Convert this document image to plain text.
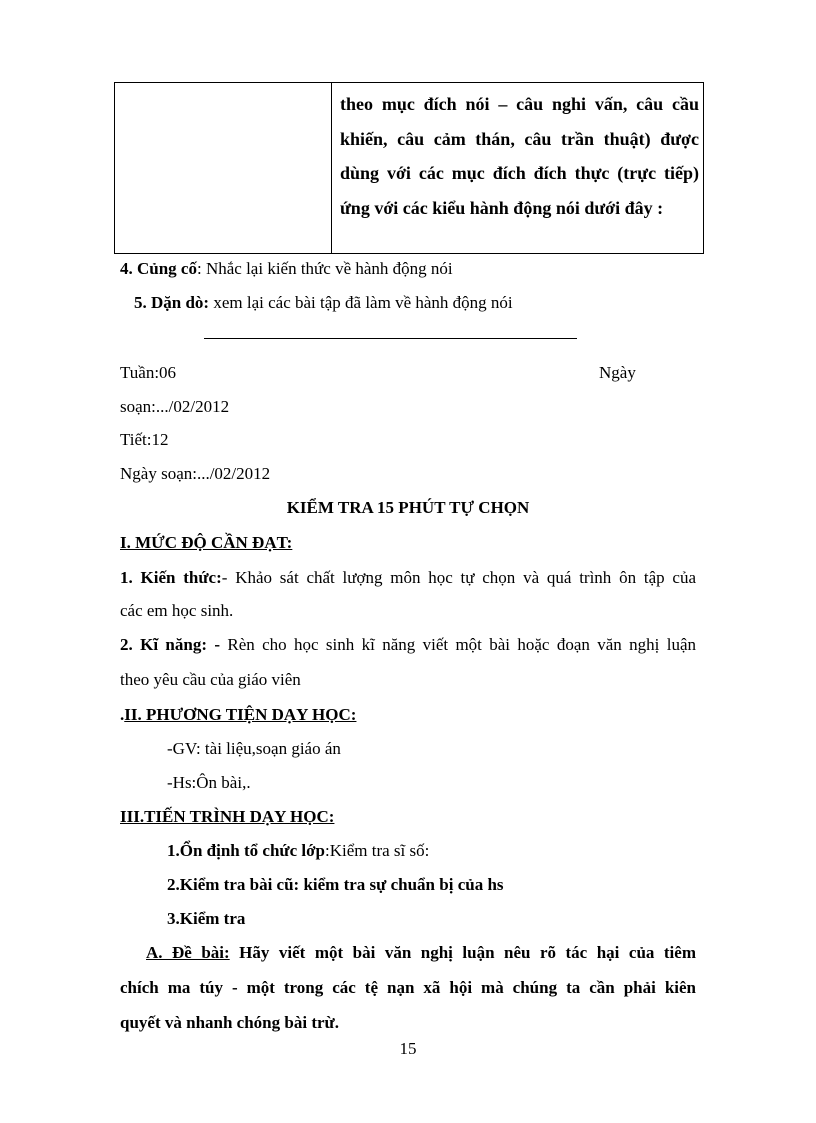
theo mục đích nói – câu nghi vấn, câu cầu
khiến, câu cảm thán, câu trần thuật) được
dùng với các mục đích đích thực (trực tiếp)
ứng với các kiểu hành động nói dưới đây :
4. Củng cố: Nhắc lại kiến thức về hành động nói
5. Dặn dò: xem lại các bài tập đã làm về hành động nói
Tuần:06	Ngày
soạn:.../02/2012
Tiết:12
Ngày soạn:.../02/2012
KIỂM TRA 15 PHÚT TỰ CHỌN
I. MỨC ĐỘ CẦN ĐẠT:
1. Kiến thức:- Khảo sát chất lượng môn học tự chọn và quá trình ôn tập của
các em học sinh.
2. Kĩ năng: - Rèn cho học sinh kĩ năng viết một bài hoặc đoạn văn nghị luận
theo yêu cầu của giáo viên
.II. PHƯƠNG TIỆN DẠY HỌC:
-GV: tài liệu,soạn giáo án
-Hs:Ôn bài,.
III.TIẾN TRÌNH DẠY HỌC:
1.Ổn định tổ chức lớp:Kiểm tra sĩ số:
2.Kiểm tra bài cũ: kiểm tra sự chuẩn bị của hs
3.Kiểm tra
A. Đề bài: Hãy viết một bài văn nghị luận nêu rõ tác hại của tiêm
chích ma túy - một trong các tệ nạn xã hội mà chúng ta cần phải kiên
quyết và nhanh chóng bài trừ.
15
